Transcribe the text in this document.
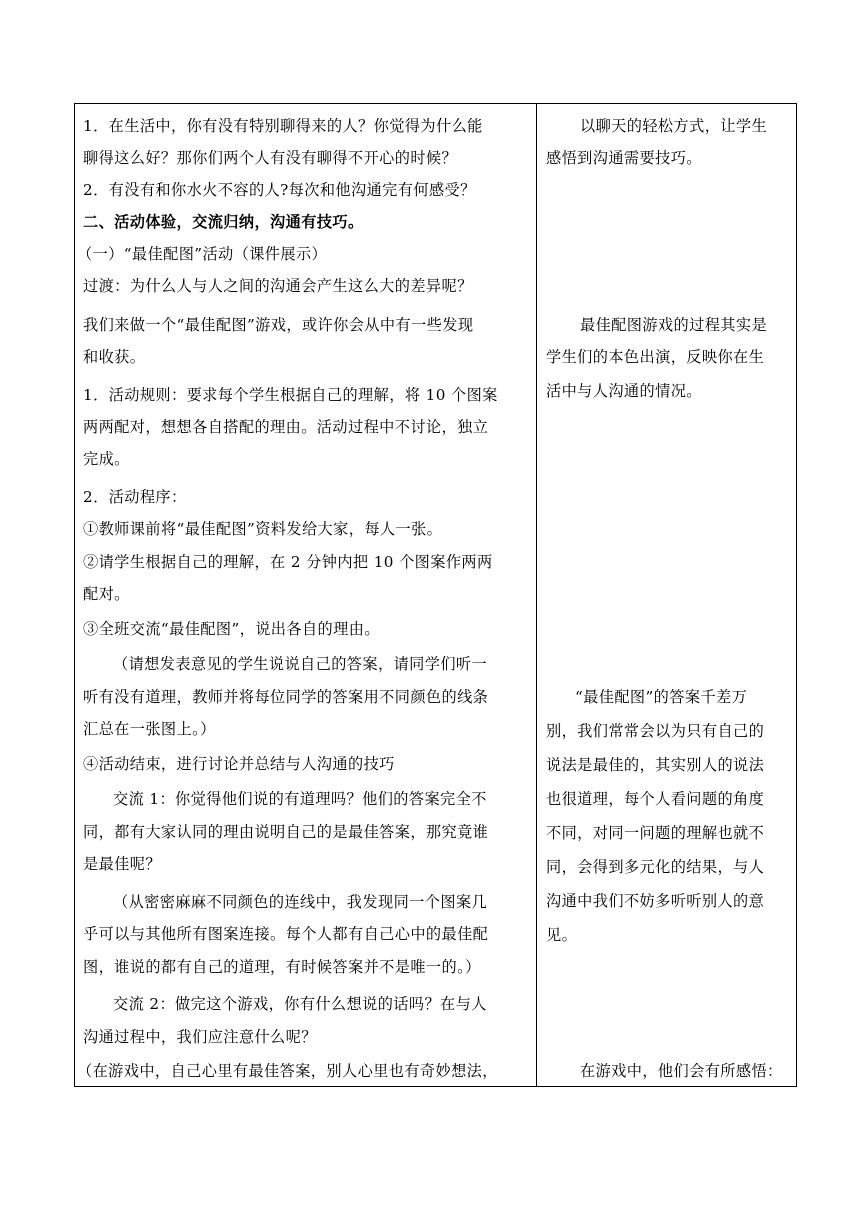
1．在生活中，你有没有特别聊得来的人？你觉得为什么能
聊得这么好？那你们两个人有没有聊得不开心的时候？
2．有没有和你水火不容的人?每次和他沟通完有何感受？
二、活动体验，交流归纳，沟通有技巧。
（一）“最佳配图”活动（课件展示）
过渡：为什么人与人之间的沟通会产生这么大的差异呢？
我们来做一个“最佳配图”游戏，或许你会从中有一些发现
和收获。
1．活动规则：要求每个学生根据自己的理解，将 10 个图案
两两配对，想想各自搭配的理由。活动过程中不讨论，独立
完成。
2．活动程序：
①教师课前将“最佳配图”资料发给大家，每人一张。
②请学生根据自己的理解，在 2 分钟内把 10 个图案作两两
配对。
③全班交流“最佳配图”，说出各自的理由。
（请想发表意见的学生说说自己的答案，请同学们听一
听有没有道理，教师并将每位同学的答案用不同颜色的线条
汇总在一张图上。）
④活动结束，进行讨论并总结与人沟通的技巧
交流 1：你觉得他们说的有道理吗？他们的答案完全不
同，都有大家认同的理由说明自己的是最佳答案，那究竟谁
是最佳呢？
（从密密麻麻不同颜色的连线中，我发现同一个图案几
乎可以与其他所有图案连接。每个人都有自己心中的最佳配
图，谁说的都有自己的道理，有时候答案并不是唯一的。）
交流 2：做完这个游戏，你有什么想说的话吗？在与人
沟通过程中，我们应注意什么呢？
（在游戏中，自己心里有最佳答案，别人心里也有奇妙想法，
以聊天的轻松方式，让学生
感悟到沟通需要技巧。
最佳配图游戏的过程其实是
学生们的本色出演，反映你在生
活中与人沟通的情况。
“最佳配图”的答案千差万
别，我们常常会以为只有自己的
说法是最佳的，其实别人的说法
也很道理，每个人看问题的角度
不同，对同一问题的理解也就不
同，会得到多元化的结果，与人
沟通中我们不妨多听听别人的意
见。
在游戏中，他们会有所感悟：
